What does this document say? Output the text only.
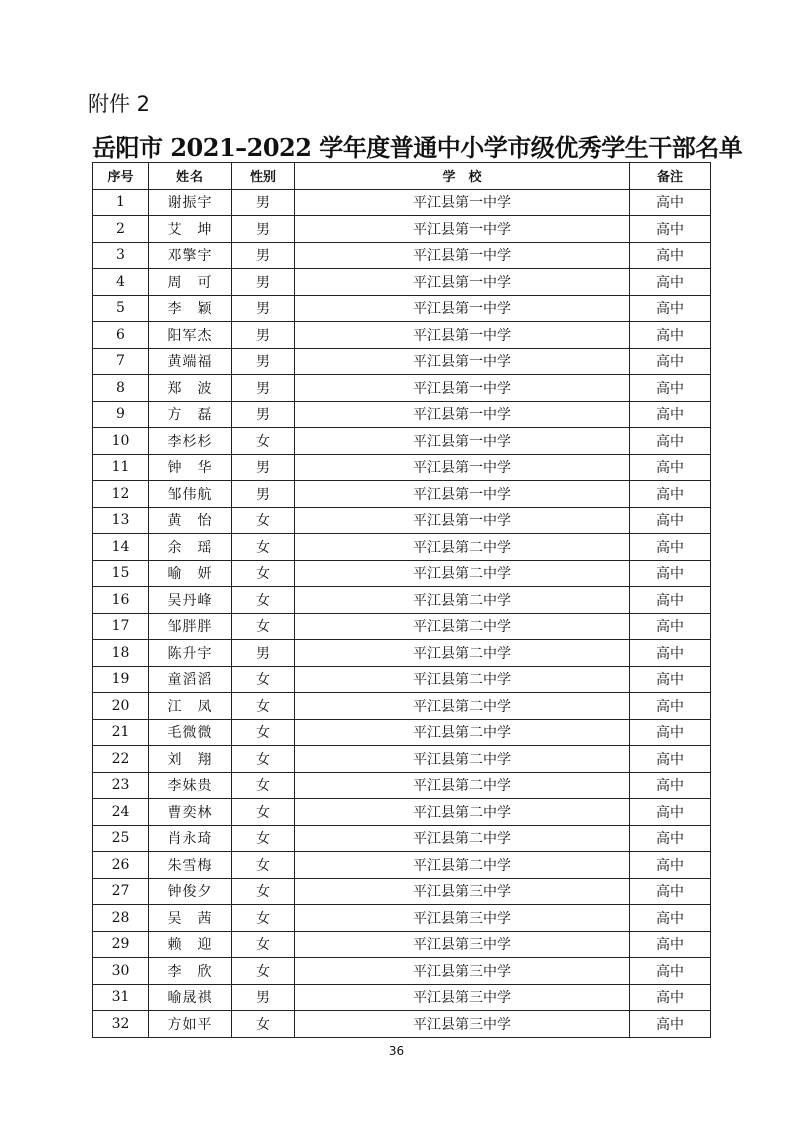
附件 2
岳阳市 2021–2022 学年度普通中小学市级优秀学生干部名单
序号	姓名	性别	学　校	备注
1	谢振宇	男	平江县第一中学	高中
2	艾　坤	男	平江县第一中学	高中
3	邓擎宇	男	平江县第一中学	高中
4	周　可	男	平江县第一中学	高中
5	李　颖	男	平江县第一中学	高中
6	阳军杰	男	平江县第一中学	高中
7	黄端福	男	平江县第一中学	高中
8	郑　波	男	平江县第一中学	高中
9	方　磊	男	平江县第一中学	高中
10	李杉杉	女	平江县第一中学	高中
11	钟　华	男	平江县第一中学	高中
12	邹伟航	男	平江县第一中学	高中
13	黄　怡	女	平江县第一中学	高中
14	余　瑶	女	平江县第二中学	高中
15	喻　妍	女	平江县第二中学	高中
16	吴丹峰	女	平江县第二中学	高中
17	邹胖胖	女	平江县第二中学	高中
18	陈升宇	男	平江县第二中学	高中
19	童滔滔	女	平江县第二中学	高中
20	江　凤	女	平江县第二中学	高中
21	毛微微	女	平江县第二中学	高中
22	刘　翔	女	平江县第二中学	高中
23	李妹贵	女	平江县第二中学	高中
24	曹奕林	女	平江县第二中学	高中
25	肖永琦	女	平江县第二中学	高中
26	朱雪梅	女	平江县第二中学	高中
27	钟俊夕	女	平江县第三中学	高中
28	吴　茜	女	平江县第三中学	高中
29	赖　迎	女	平江县第三中学	高中
30	李　欣	女	平江县第三中学	高中
31	喻晟祺	男	平江县第三中学	高中
32	方如平	女	平江县第三中学	高中
36
